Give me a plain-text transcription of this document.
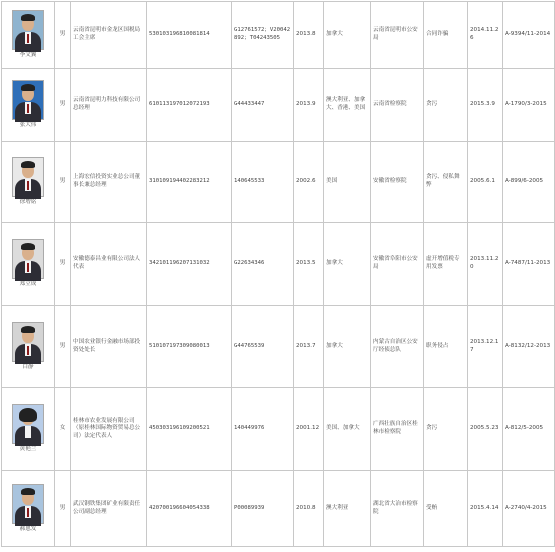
李文翼	男	云南省昆明市金龙区国税局工会主席	530103196810081814	G12761572；V20042892；T04243505	2013.8	加拿大	云南省昆明市公安局	合同诈骗	2014.11.26	A-9394/11-2014

张大伟	男	云南省昆明力科技有限公司总经理	610113197012072193	G44433447	2013.9	澳大利亚、加拿大、香港、美国	云南省检察院	贪污	2015.3.9	A-1790/3-2015

徐增铭	男	上海宏信投资实业总公司董事长兼总经理	310109194402283212	140645533	2002.6	美国	安徽省检察院	贪污、侵私舞弊	2005.6.1	A-899/6-2005

郑立成	男	安徽德泰昌业有限公司法人代表	342101196207131032	G22634346	2013.5	加拿大	安徽省阜阳市公安局	虚开增值税专用发票	2013.11.20	A-7487/11-2013

白静	男	中国农业银行金融市场部投资处处长	510107197309080013	G44765539	2013.7	加拿大	内蒙古自治区公安厅经侦总队	职务侵占	2013.12.17	A-8132/12-2013

黄艳兰	女	桂林市农业发展有限公司（原桂林国际物资贸易总公司）法定代表人	450303196109200521	140449976	2001.12	美国、加拿大	广西壮族自治区桂林市检察院	贪污	2005.5.23	A-812/5-2005

郝恩发	男	武汉钢铁集团矿业有限责任公司副总经理	420700196604054338	P00089939	2010.8	澳大利亚	湖北省大冶市检察院	受贿	2015.4.14	A-2740/4-2015
